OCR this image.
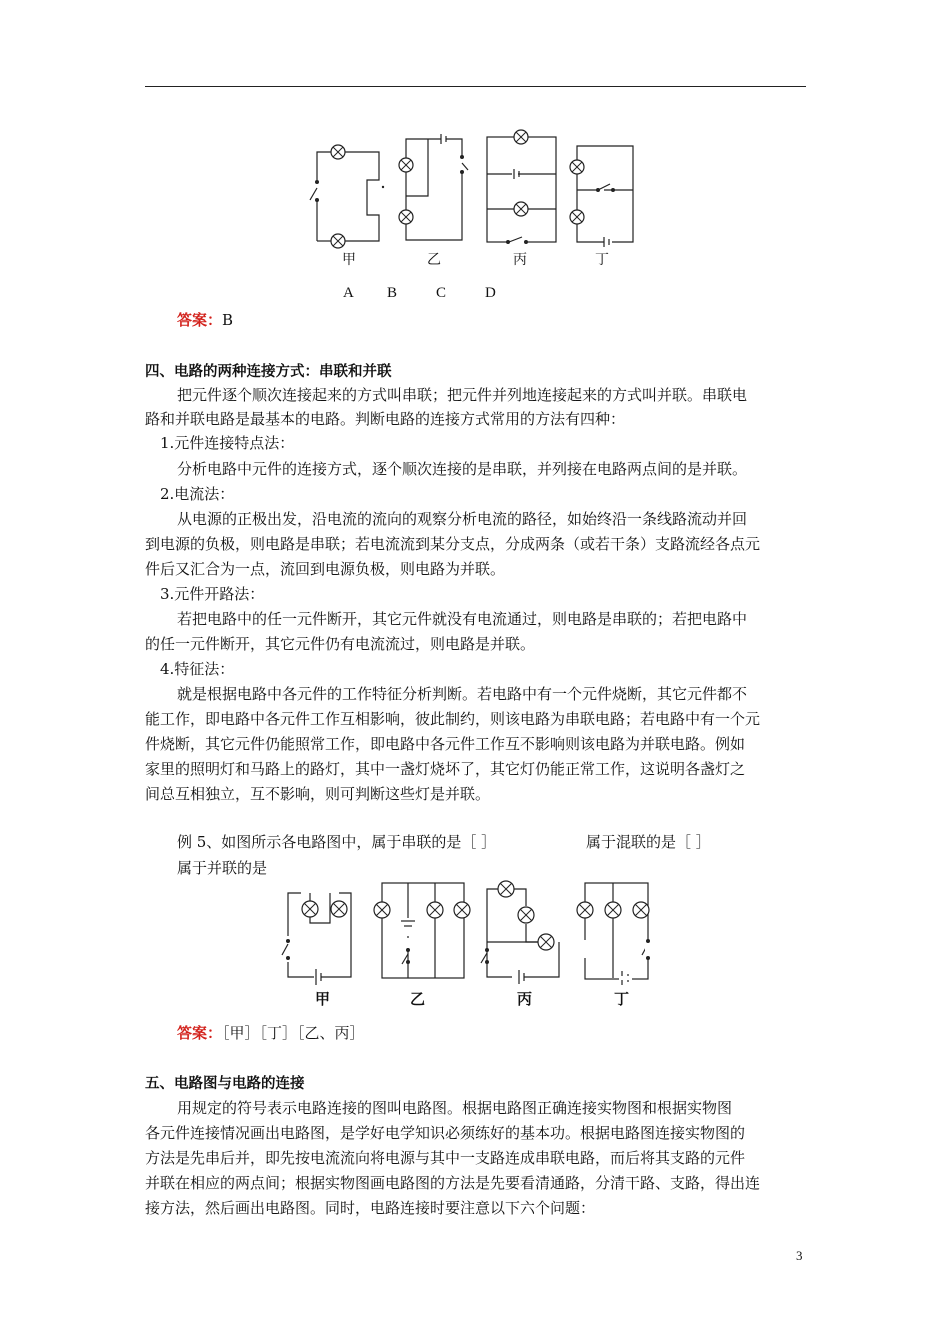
甲	乙	丙	丁
A B	C	D
答案：B
四、电路的两种连接方式：串联和并联
把元件逐个顺次连接起来的方式叫串联；把元件并列地连接起来的方式叫并联。串联电
路和并联电路是最基本的电路。判断电路的连接方式常用的方法有四种：
1.元件连接特点法：
分析电路中元件的连接方式，逐个顺次连接的是串联，并列接在电路两点间的是并联。
2.电流法：
从电源的正极出发，沿电流的流向的观察分析电流的路径，如始终沿一条线路流动并回
到电源的负极，则电路是串联；若电流流到某分支点，分成两条（或若干条）支路流经各点元
件后又汇合为一点，流回到电源负极，则电路为并联。
3.元件开路法：
若把电路中的任一元件断开，其它元件就没有电流通过，则电路是串联的；若把电路中
的任一元件断开，其它元件仍有电流流过，则电路是并联。
4.特征法：
就是根据电路中各元件的工作特征分析判断。若电路中有一个元件烧断，其它元件都不
能工作，即电路中各元件工作互相影响，彼此制约，则该电路为串联电路；若电路中有一个元
件烧断，其它元件仍能照常工作，即电路中各元件工作互不影响则该电路为并联电路。例如
家里的照明灯和马路上的路灯，其中一盏灯烧坏了，其它灯仍能正常工作，这说明各盏灯之
间总互相独立，互不影响，则可判断这些灯是并联。
例 5、如图所示各电路图中，属于串联的是［ ］	属于混联的是［ ］
属于并联的是
甲	乙	丙	丁
答案：［甲］［丁］［乙、丙］
五、电路图与电路的连接
用规定的符号表示电路连接的图叫电路图。根据电路图正确连接实物图和根据实物图
各元件连接情况画出电路图，是学好电学知识必须练好的基本功。根据电路图连接实物图的
方法是先串后并，即先按电流流向将电源与其中一支路连成串联电路，而后将其支路的元件
并联在相应的两点间；根据实物图画电路图的方法是先要看清通路，分清干路、支路，得出连
接方法，然后画出电路图。同时，电路连接时要注意以下六个问题：
3
